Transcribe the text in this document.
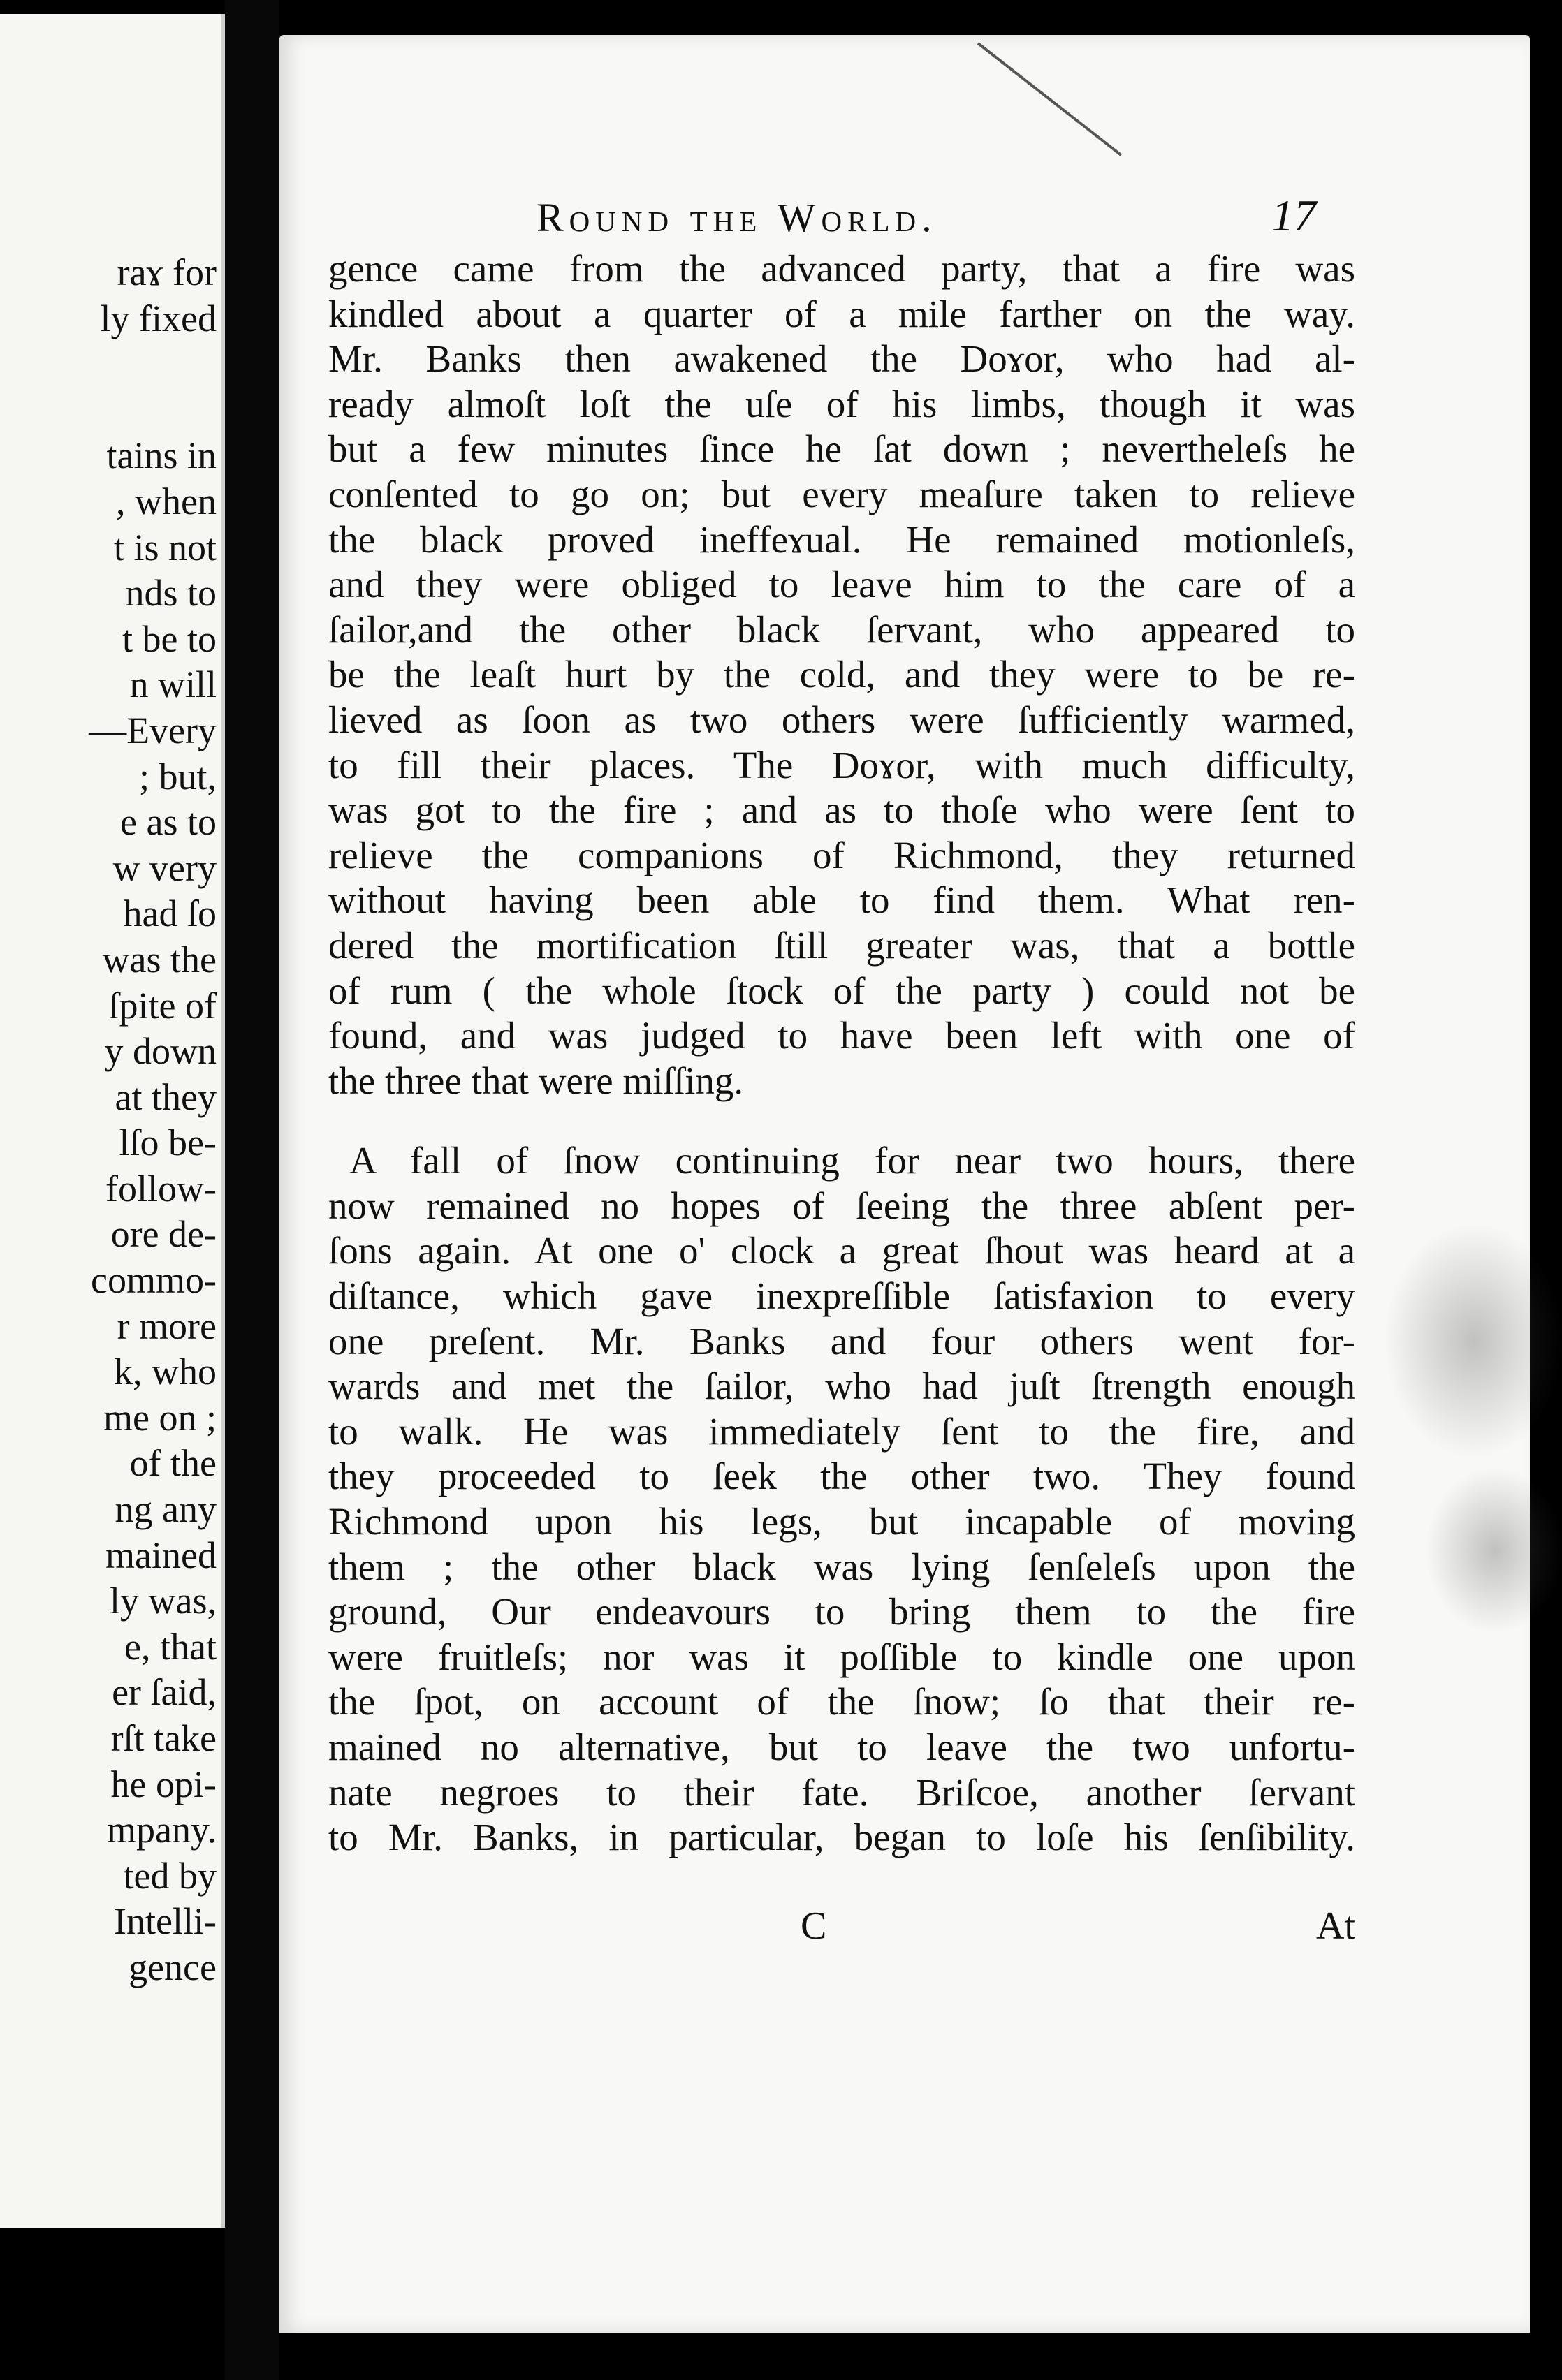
raɤ for
ly fixed
tains in
, when
t is not
nds to
t be to
n will
—Every
; but,
e as to
w very
had ſo
was the
ſpite of
y down
at they
lſo be-
follow-
ore de-
commo-
r more
k, who
me on ;
of the
ng any
mained
ly was,
e, that
er ſaid,
rſt take
he opi-
mpany.
ted by
Intelli-
gence
Round the World.	17
gence came from the advanced party, that a fire was
kindled about a quarter of a mile farther on the way.
Mr. Banks then awakened the Doɤor, who had al-
ready almoſt loſt the uſe of his limbs, though it was
but a few minutes ſince he ſat down ; nevertheleſs he
conſented to go on; but every meaſure taken to relieve
the black proved ineffeɤual. He remained motionleſs,
and they were obliged to leave him to the care of a
ſailor,and the other black ſervant, who appeared to
be the leaſt hurt by the cold, and they were to be re-
lieved as ſoon as two others were ſufficiently warmed,
to fill their places. The Doɤor, with much difficulty,
was got to the fire ; and as to thoſe who were ſent to
relieve the companions of Richmond, they returned
without having been able to find them. What ren-
dered the mortification ſtill greater was, that a bottle
of rum ( the whole ſtock of the party ) could not be
found, and was judged to have been left with one of
the three that were miſſing.
A fall of ſnow continuing for near two hours, there
now remained no hopes of ſeeing the three abſent per-
ſons again. At one o' clock a great ſhout was heard at a
diſtance, which gave inexpreſſible ſatisfaɤion to every
one preſent. Mr. Banks and four others went for-
wards and met the ſailor, who had juſt ſtrength enough
to walk. He was immediately ſent to the fire, and
they proceeded to ſeek the other two. They found
Richmond upon his legs, but incapable of moving
them ; the other black was lying ſenſeleſs upon the
ground, Our endeavours to bring them to the fire
were fruitleſs; nor was it poſſible to kindle one upon
the ſpot, on account of the ſnow; ſo that their re-
mained no alternative, but to leave the two unfortu-
nate negroes to their fate. Briſcoe, another ſervant
to Mr. Banks, in particular, began to loſe his ſenſibility.
C	At
